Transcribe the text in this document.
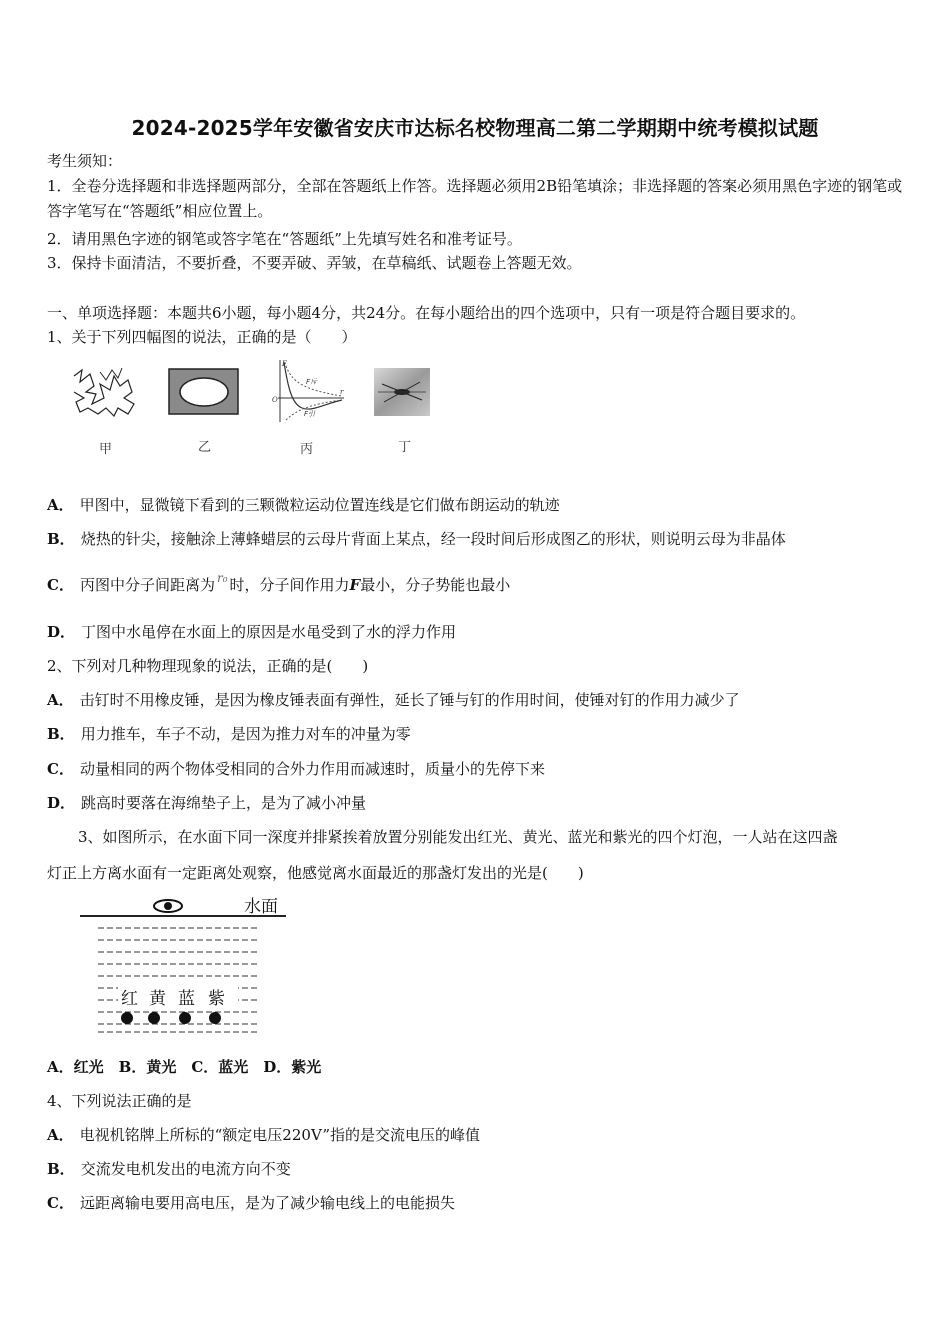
2024-2025学年安徽省安庆市达标名校物理高二第二学期期中统考模拟试题
考生须知：
1．全卷分选择题和非选择题两部分，全部在答题纸上作答。选择题必须用2B铅笔填涂；非选择题的答案必须用黑色字迹的钢笔或答字笔写在“答题纸”相应位置上。
2．请用黑色字迹的钢笔或答字笔在“答题纸”上先填写姓名和准考证号。
3．保持卡面清洁，不要折叠，不要弄破、弄皱，在草稿纸、试题卷上答题无效。
一、单项选择题：本题共6小题，每小题4分，共24分。在每小题给出的四个选项中，只有一项是符合题目要求的。
1、关于下列四幅图的说法，正确的是（　　）
甲	乙
F
F斥
F引
O
r
丙	丁
A． 甲图中，显微镜下看到的三颗微粒运动位置连线是它们做布朗运动的轨迹
B． 烧热的针尖，接触涂上薄蜂蜡层的云母片背面上某点，经一段时间后形成图乙的形状，则说明云母为非晶体
C． 丙图中分子间距离为 $^{r_0}$ 时，分子间作用力F最小，分子势能也最小
D． 丁图中水黾停在水面上的原因是水黾受到了水的浮力作用
2、下列对几种物理现象的说法，正确的是(　　)
A． 击钉时不用橡皮锤，是因为橡皮锤表面有弹性，延长了锤与钉的作用时间，使锤对钉的作用力减少了
B． 用力推车，车子不动，是因为推力对车的冲量为零
C． 动量相同的两个物体受相同的合外力作用而减速时，质量小的先停下来
D． 跳高时要落在海绵垫子上，是为了减小冲量
3、如图所示，在水面下同一深度并排紧挨着放置分别能发出红光、黄光、蓝光和紫光的四个灯泡，一人站在这四盏
灯正上方离水面有一定距离处观察，他感觉离水面最近的那盏灯发出的光是(　　)
水面
红 黄 蓝 紫
A．红光　B．黄光　C．蓝光　D．紫光
4、下列说法正确的是
A． 电视机铭牌上所标的“额定电压220V”指的是交流电压的峰值
B． 交流发电机发出的电流方向不变
C． 远距离输电要用高电压，是为了减少输电线上的电能损失
